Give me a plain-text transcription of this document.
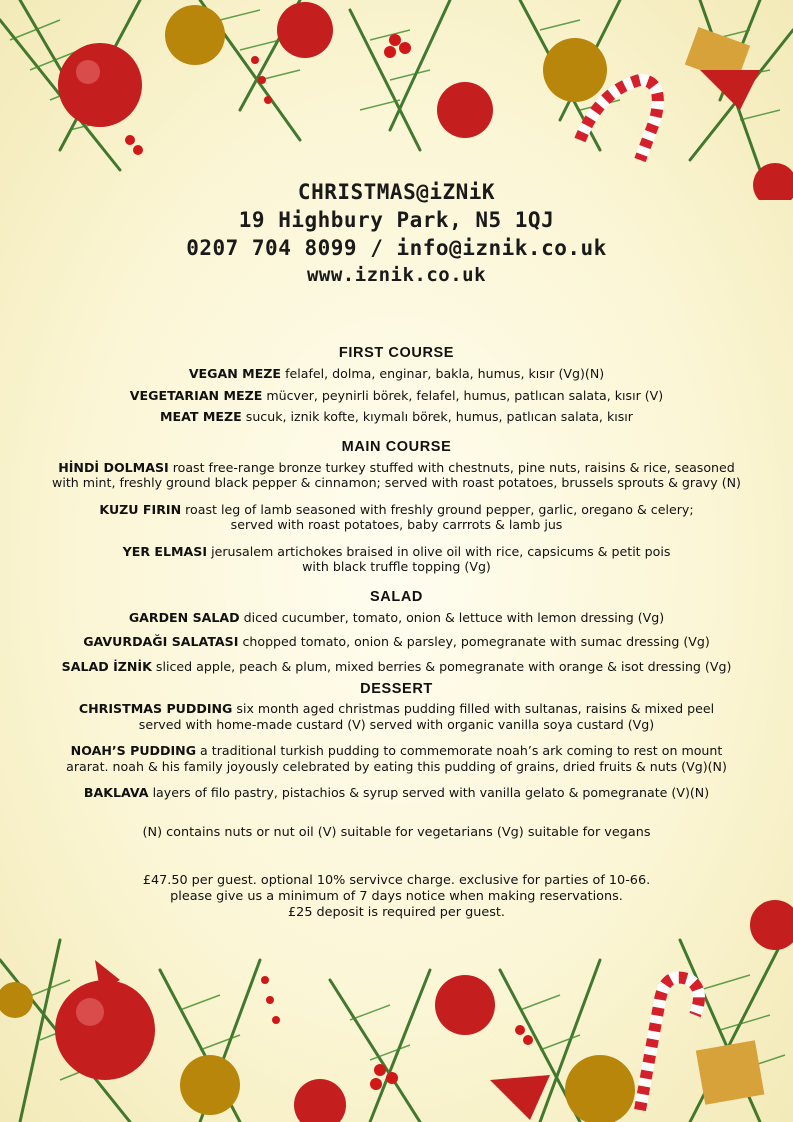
CHRISTMAS@iZNiK
19 Highbury Park, N5 1QJ
0207 704 8099 / info@iznik.co.uk
www.iznik.co.uk

FIRST COURSE

VEGAN MEZE felafel, dolma, enginar, bakla, humus, kısır (Vg)(N)

VEGETARIAN MEZE mücver, peynirli börek, felafel, humus, patlıcan salata, kısır (V)

MEAT MEZE sucuk, iznik kofte, kıymalı börek, humus, patlıcan salata, kısır

MAIN COURSE

HİNDİ DOLMASI roast free-range bronze turkey stuffed with chestnuts, pine nuts, raisins & rice, seasoned
with mint, freshly ground black pepper & cinnamon; served with roast potatoes, brussels sprouts & gravy (N)

KUZU FIRIN roast leg of lamb seasoned with freshly ground pepper, garlic, oregano & celery;
served with roast potatoes, baby carrrots & lamb jus

YER ELMASI jerusalem artichokes braised in olive oil with rice, capsicums & petit pois
with black truffle topping (Vg)

SALAD

GARDEN SALAD diced cucumber, tomato, onion & lettuce with lemon dressing (Vg)

GAVURDAĞI SALATASI chopped tomato, onion & parsley, pomegranate with sumac dressing (Vg)

SALAD İZNİK sliced apple, peach & plum, mixed berries & pomegranate with orange & isot dressing (Vg)

DESSERT

CHRISTMAS PUDDING six month aged christmas pudding filled with sultanas, raisins & mixed peel
served with home-made custard (V) served with organic vanilla soya custard (Vg)

NOAH’S PUDDING a traditional turkish pudding to commemorate noah’s ark coming to rest on mount
ararat. noah & his family joyously celebrated by eating this pudding of grains, dried fruits & nuts (Vg)(N)

BAKLAVA layers of filo pastry, pistachios & syrup served with vanilla gelato & pomegranate (V)(N)

(N) contains nuts or nut oil (V) suitable for vegetarians (Vg) suitable for vegans

£47.50 per guest. optional 10% servivce charge. exclusive for parties of 10-66.
please give us a minimum of 7 days notice when making reservations.
£25 deposit is required per guest.
